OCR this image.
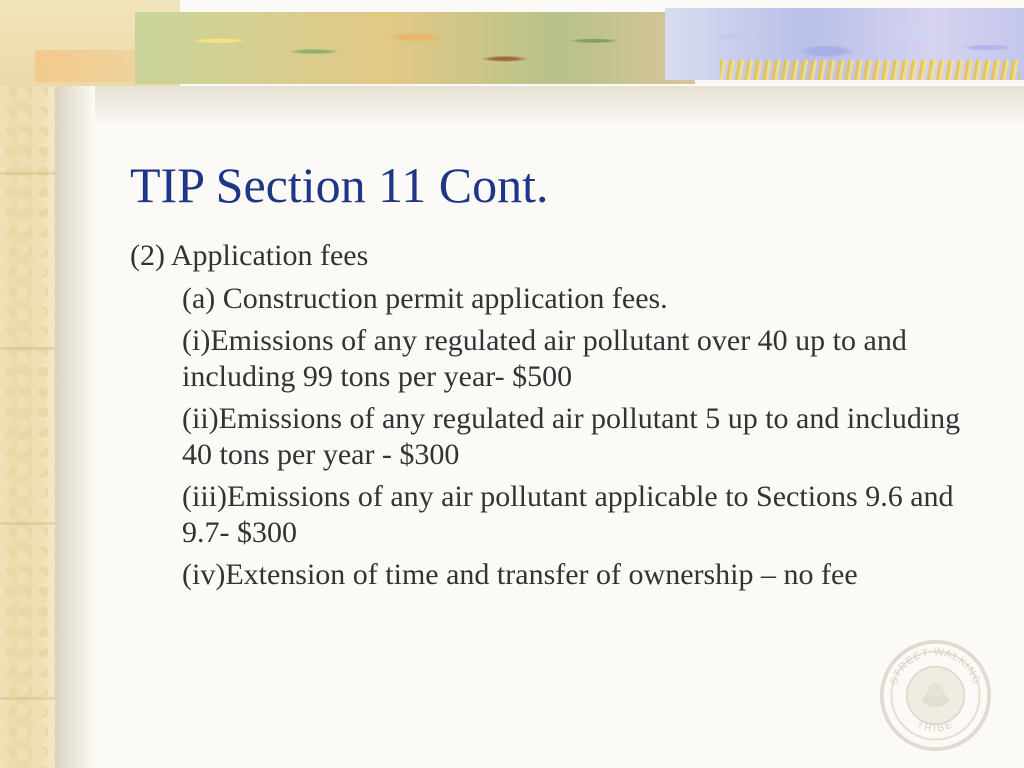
TIP Section 11 Cont.

(2) Application fees

(a) Construction permit application fees.

(i)Emissions of any regulated air pollutant over 40 up to and including 99 tons per year- $500

(ii)Emissions of any regulated air pollutant 5 up to and including 40 tons per year - $300

(iii)Emissions of any air pollutant applicable to Sections 9.6 and 9.7- $300

(iv)Extension of time and transfer of ownership – no fee

STREET WALKING
TRIBE
